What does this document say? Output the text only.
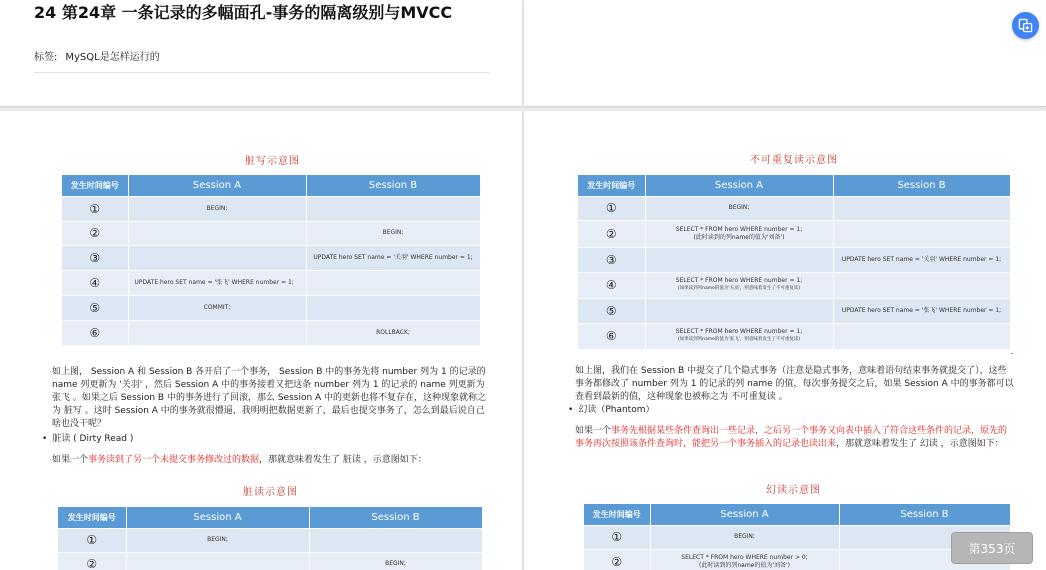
24 第24章 一条记录的多幅面孔-事务的隔离级别与MVCC
标签: MySQL是怎样运行的
脏写示意图
发生时间编号	Session A	Session B
①	BEGIN;	
②		BEGIN;
③		UPDATE hero SET name = '关羽' WHERE number = 1;
④	UPDATE hero SET name = '张飞' WHERE number = 1;	
⑤	COMMIT;	
⑥		ROLLBACK;
如上图， Session A 和 Session B 各开启了一个事务， Session B 中的事务先将 number 列为 1 的记录的 name 列更新为 '关羽' ，然后 Session A 中的事务接着又把这条 number 列为 1 的记录的 name 列更新为 张飞 。如果之后 Session B 中的事务进行了回滚，那么 Session A 中的更新也将不复存在，这种现象就称之为 脏写 。这时 Session A 中的事务就很懵逼，我明明把数据更新了，最后也提交事务了，怎么到最后说自己啥也没干呢？
• 脏读 ( Dirty Read )
如果一个事务读到了另一个未提交事务修改过的数据，那就意味着发生了 脏读 ，示意图如下：
脏读示意图
发生时间编号	Session A	Session B
①	BEGIN;	
②		BEGIN;
不可重复读示意图
发生时间编号	Session A	Session B
①	BEGIN;	
②	SELECT * FROM hero WHERE number = 1;
(此时读到的列name的值为'刘备')	

③		UPDATE hero SET name = '关羽' WHERE number = 1;
④	SELECT * FROM hero WHERE number = 1;
(如果读到列name的值为'关羽'，则意味着发生了不可重复读)	

⑤		UPDATE hero SET name = '张飞' WHERE number = 1;
⑥	SELECT * FROM hero WHERE number = 1;
(如果读到列name的值为'张飞'，则意味着发生了不可重复读)	

如上图，我们在 Session B 中提交了几个隐式事务（注意是隐式事务，意味着语句结束事务就提交了），这些事务都修改了 number 列为 1 的记录的列 name 的值，每次事务提交之后，如果 Session A 中的事务都可以查看到最新的值，这种现象也被称之为 不可重复读 。
• 幻读（Phantom）
如果一个事务先根据某些条件查询出一些记录，之后另一个事务又向表中插入了符合这些条件的记录，原先的事务再次按照该条件查询时，能把另一个事务插入的记录也读出来，那就意味着发生了 幻读 ，示意图如下：
幻读示意图
发生时间编号	Session A	Session B
①	BEGIN;	
②	SELECT * FROM hero WHERE number > 0;
(此时读到的列name的值为'刘备')	

第353页
